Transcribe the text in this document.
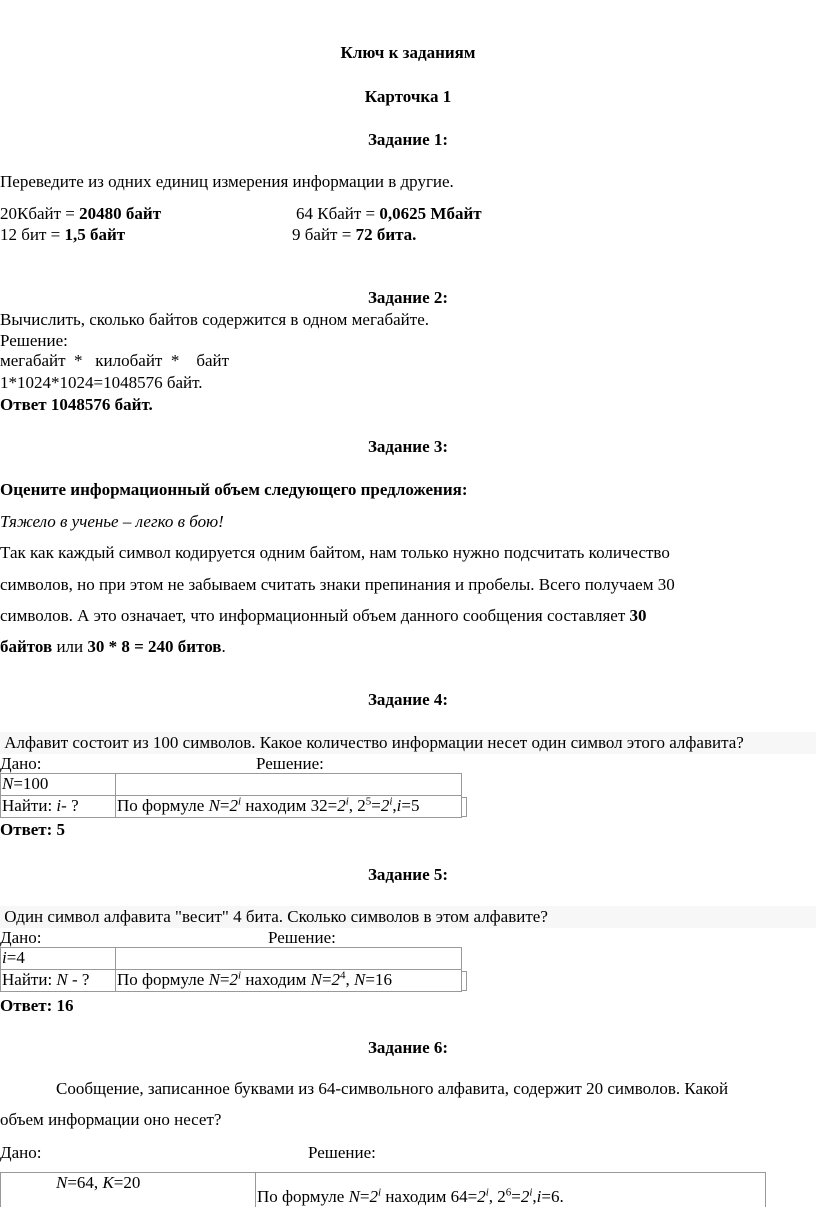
Ключ к заданиям
Карточка 1
Задание 1:
Переведите из одних единиц измерения информации в другие.
20Кбайт = 20480 байт	64 Кбайт = 0,0625 Мбайт
12 бит = 1,5 байт	9 байт = 72 бита.
Задание 2:
Вычислить, сколько байтов содержится в одном мегабайте.
Решение:
мегабайт  *   килобайт  *    байт
1*1024*1024=1048576 байт.
Ответ 1048576 байт.
Задание 3:
Оцените информационный объем следующего предложения:
Тяжело в ученье – легко в бою!
Так как каждый символ кодируется одним байтом, нам только нужно подсчитать количество
символов, но при этом не забываем считать знаки препинания и пробелы. Всего получаем 30
символов. А это означает, что информационный объем данного сообщения составляет 30
байтов или 30 * 8 = 240 битов.
Задание 4:
Алфавит состоит из 100 символов. Какое количество информации несет один символ этого алфавита?
Дано:	Решение:
N=100	
Найти: i- ?	По формуле $N=2^i$ находим $32=2^i$, $2^5=2^i,i=5$
Ответ: 5
Задание 5:
Один символ алфавита "весит" 4 бита. Сколько символов в этом алфавите?
Дано:	Решение:
i=4	
Найти: N - ?	По формуле $N=2^i$ находим $N=2^4$, N=16
Ответ: 16
Задание 6:
Сообщение, записанное буквами из 64-символьного алфавита, содержит 20 символов. Какой
объем информации оно несет?
Дано:	Решение:
N=64, K=20	По формуле $N=2^i$ находим $64=2^i$, $2^6=2^i,i=6$.
